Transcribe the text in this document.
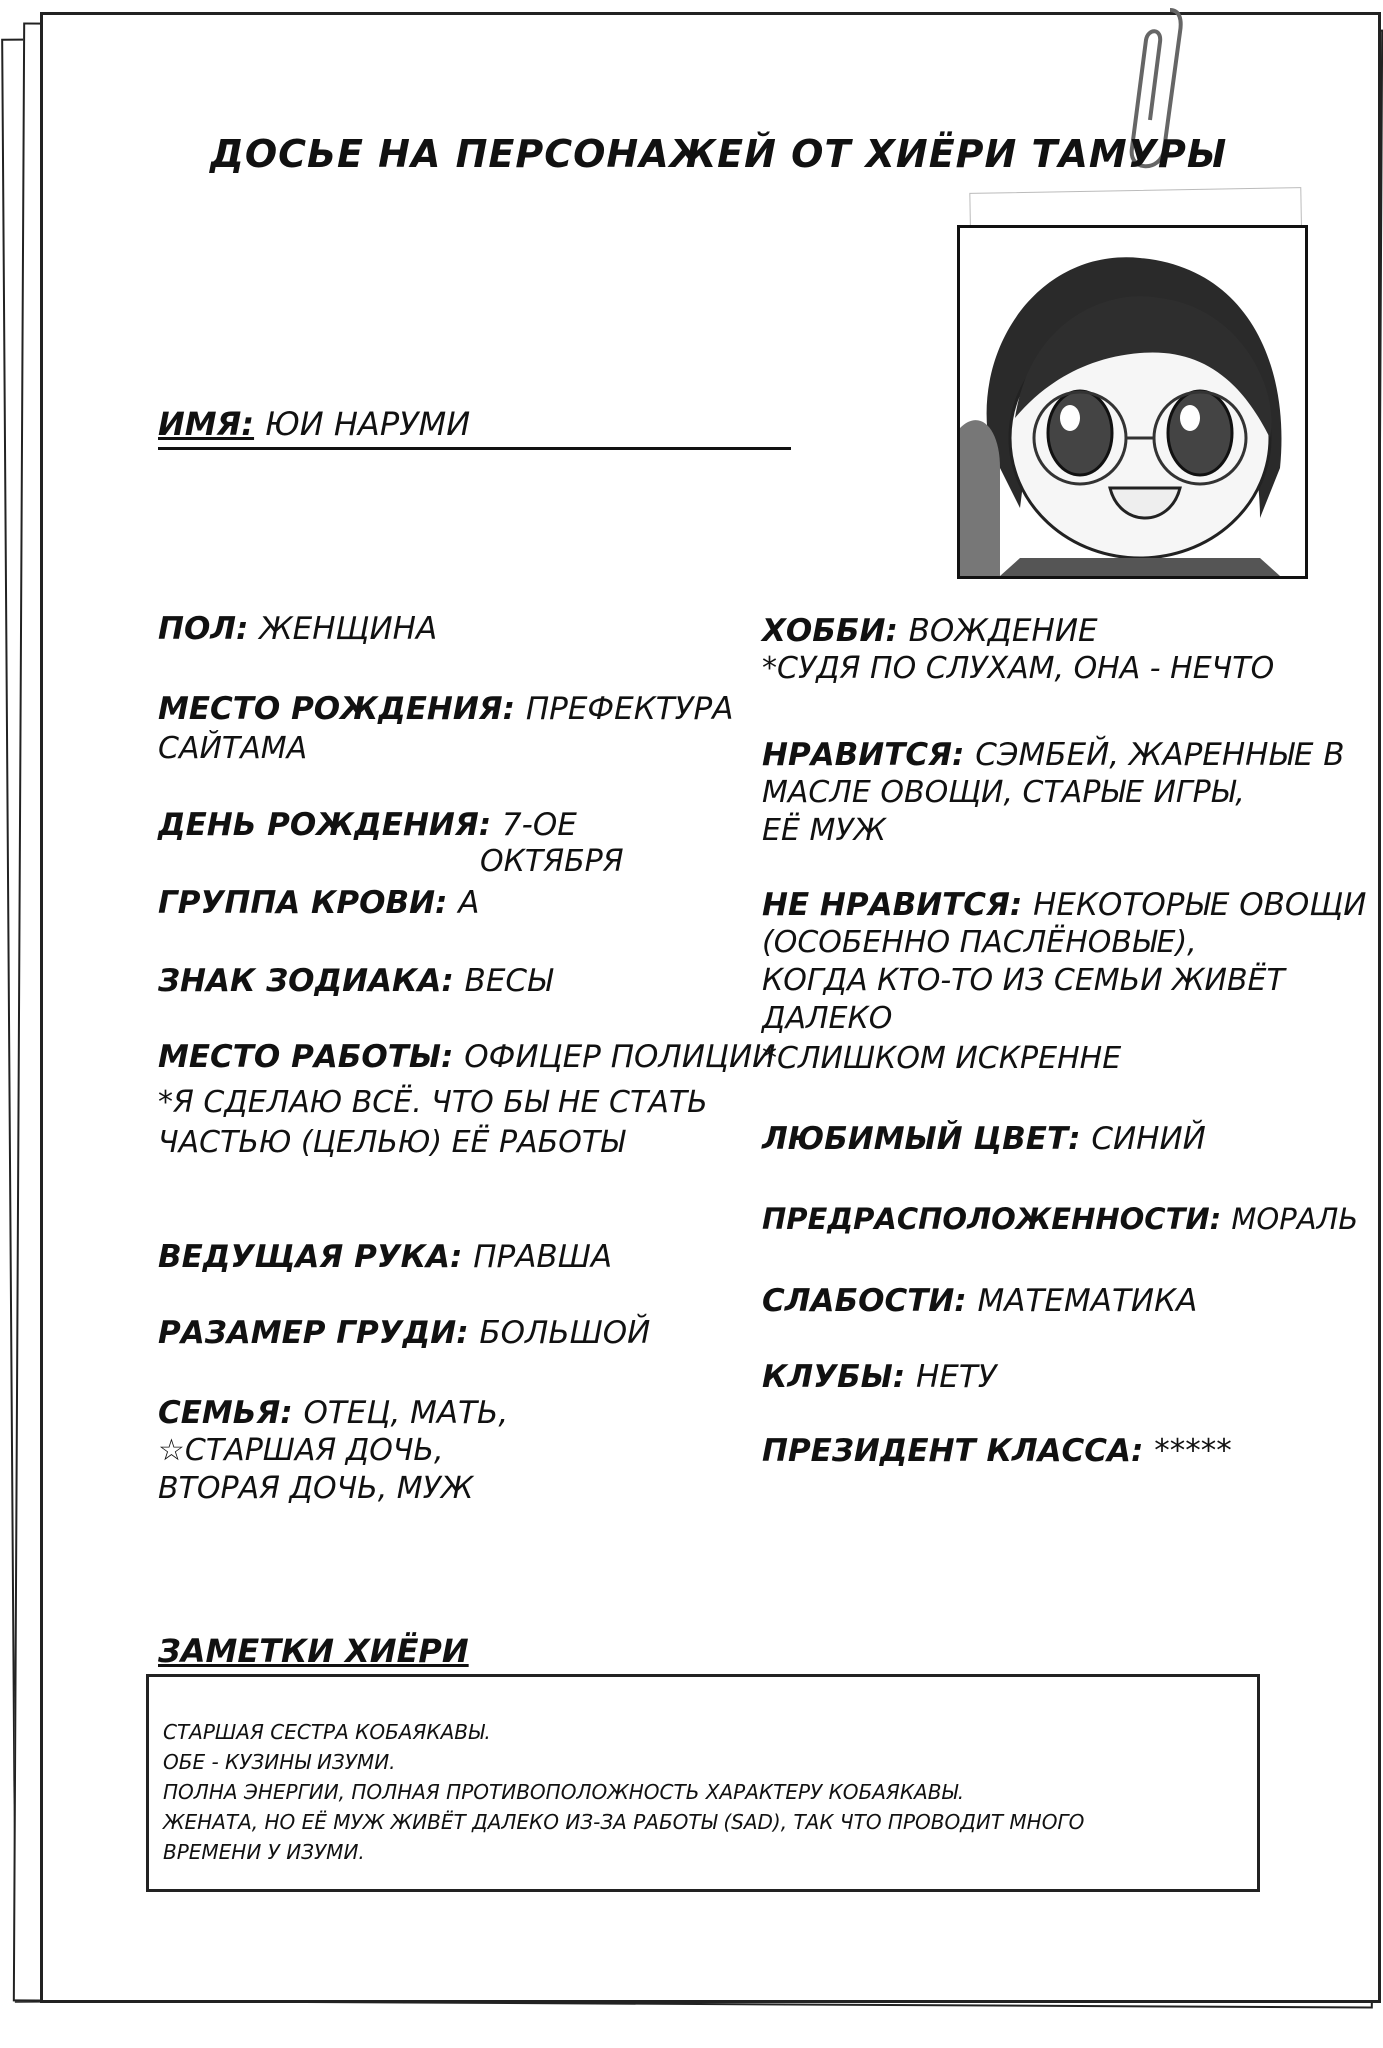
ДОСЬЕ НА ПЕРСОНАЖЕЙ ОТ ХИЁРИ ТАМУРЫ
ИМЯ: ЮИ НАРУМИ
ПОЛ: ЖЕНЩИНА
МЕСТО РОЖДЕНИЯ: ПРЕФЕКТУРА
САЙТАМА
ДЕНЬ РОЖДЕНИЯ: 7-ОЕ
ОКТЯБРЯ
ГРУППА КРОВИ: А
ЗНАК ЗОДИАКА: ВЕСЫ
МЕСТО РАБОТЫ: ОФИЦЕР ПОЛИЦИИ
*Я СДЕЛАЮ ВСЁ. ЧТО БЫ НЕ СТАТЬ
ЧАСТЬЮ (ЦЕЛЬЮ) ЕЁ РАБОТЫ
ВЕДУЩАЯ РУКА: ПРАВША
РАЗАМЕР ГРУДИ: БОЛЬШОЙ
СЕМЬЯ: ОТЕЦ, МАТЬ,
☆СТАРШАЯ ДОЧЬ,
ВТОРАЯ ДОЧЬ, МУЖ
ХОББИ: ВОЖДЕНИЕ
*СУДЯ ПО СЛУХАМ, ОНА - НЕЧТО
НРАВИТСЯ: СЭМБЕЙ, ЖАРЕННЫЕ В
МАСЛЕ ОВОЩИ, СТАРЫЕ ИГРЫ,
ЕЁ МУЖ
НЕ НРАВИТСЯ: НЕКОТОРЫЕ ОВОЩИ
(ОСОБЕННО ПАСЛЁНОВЫЕ),
КОГДА КТО-ТО ИЗ СЕМЬИ ЖИВЁТ
ДАЛЕКО
*СЛИШКОМ ИСКРЕННЕ
ЛЮБИМЫЙ ЦВЕТ: СИНИЙ
ПРЕДРАСПОЛОЖЕННОСТИ: МОРАЛЬ
СЛАБОСТИ: МАТЕМАТИКА
КЛУБЫ: НЕТУ
ПРЕЗИДЕНТ КЛАССА: *****
ЗАМЕТКИ ХИЁРИ
СТАРШАЯ СЕСТРА КОБАЯКАВЫ.
ОБЕ - КУЗИНЫ ИЗУМИ.
ПОЛНА ЭНЕРГИИ, ПОЛНАЯ ПРОТИВОПОЛОЖНОСТЬ ХАРАКТЕРУ КОБАЯКАВЫ.
ЖЕНАТА, НО ЕЁ МУЖ ЖИВЁТ ДАЛЕКО ИЗ-ЗА РАБОТЫ (SAD), ТАК ЧТО ПРОВОДИТ МНОГО
ВРЕМЕНИ У ИЗУМИ.
